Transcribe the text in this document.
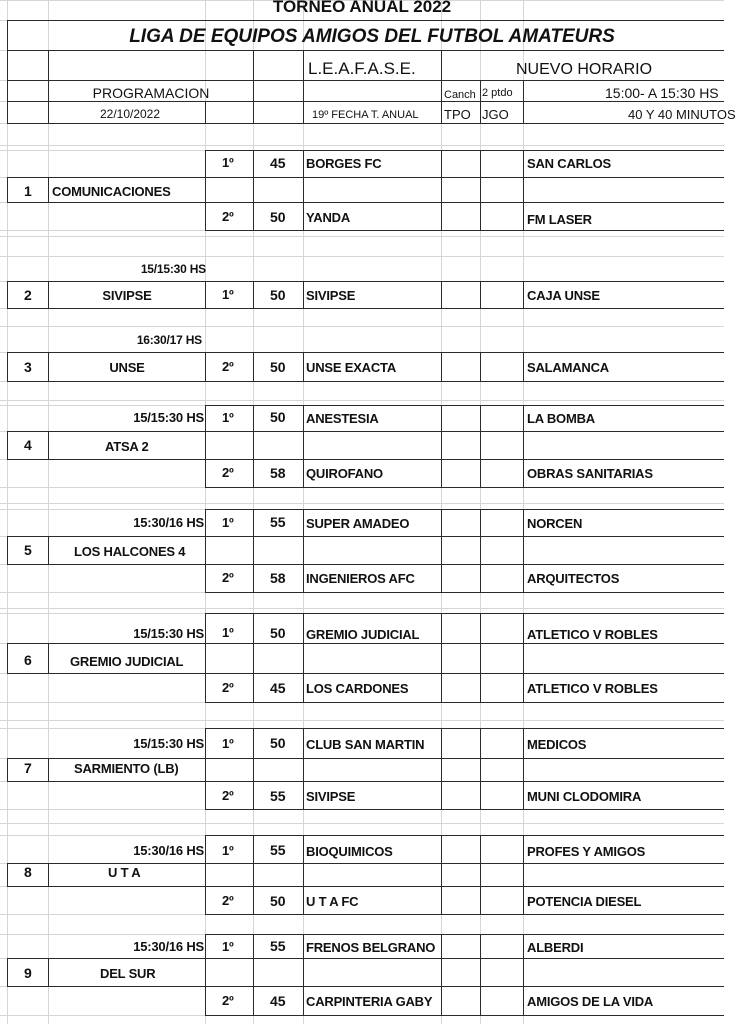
TORNEO ANUAL 2022
LIGA DE EQUIPOS AMIGOS DEL FUTBOL AMATEURS
L.E.A.F.A.S.E.	NUEVO HORARIO
PROGRAMACION	Canch 2 ptdo	15:00- A 15:30 HS
22/10/2022	19º FECHA T. ANUAL TPO JGO	40 Y 40 MINUTOS
1º	45 BORGES FC	SAN CARLOS
1 COMUNICACIONES
2º	50 YANDA	FM LASER
15/15:30 HS
2	SIVIPSE	1º	50 SIVIPSE	CAJA UNSE
16:30/17 HS
3	UNSE	2º	50 UNSE EXACTA	SALAMANCA
15/15:30 HS 1º	50 ANESTESIA	LA BOMBA
4	ATSA 2
2º	58 QUIROFANO	OBRAS SANITARIAS
15:30/16 HS 1º	55 SUPER AMADEO	NORCEN
5	LOS HALCONES 4
2º	58 INGENIEROS AFC	ARQUITECTOS
15/15:30 HS 1º	50 GREMIO JUDICIAL	ATLETICO V ROBLES
6	GREMIO JUDICIAL
2º	45 LOS CARDONES	ATLETICO V ROBLES
15/15:30 HS 1º	50 CLUB SAN MARTIN	MEDICOS
7	SARMIENTO (LB)
2º	55 SIVIPSE	MUNI CLODOMIRA
15:30/16 HS 1º	55 BIOQUIMICOS	PROFES Y AMIGOS
8	U T A
2º	50 U T A FC	POTENCIA DIESEL
15:30/16 HS 1º	55 FRENOS BELGRANO	ALBERDI
9	DEL SUR
2º	45 CARPINTERIA GABY	AMIGOS DE LA VIDA
